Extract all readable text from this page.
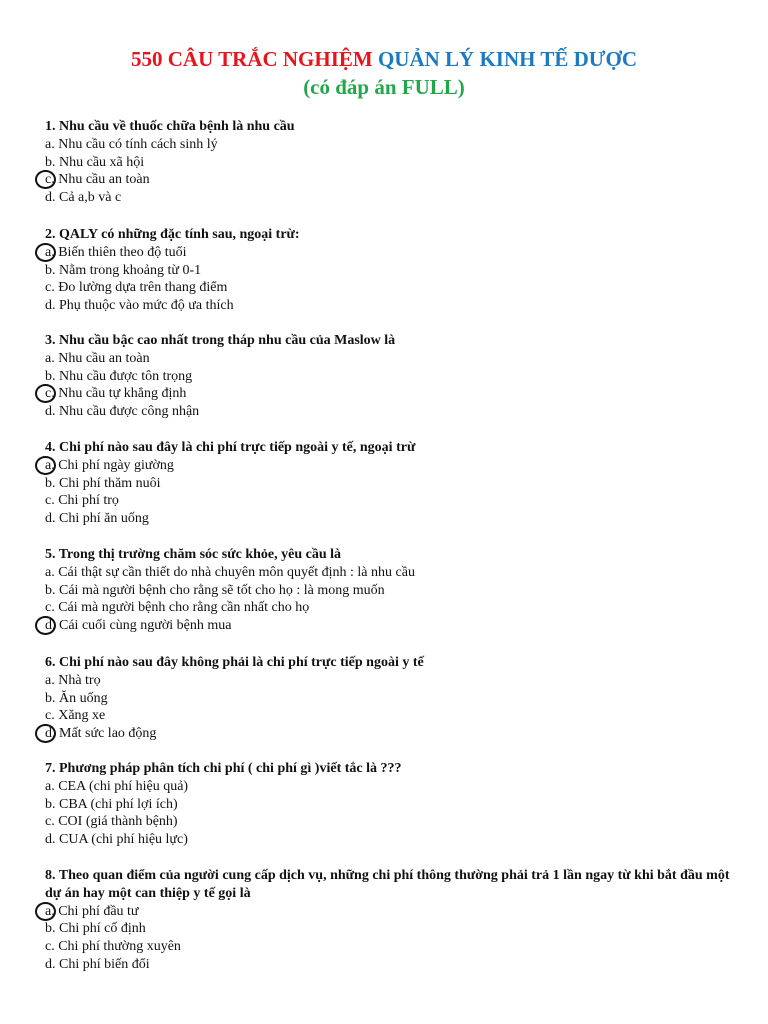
550 CÂU TRẮC NGHIỆM QUẢN LÝ KINH TẾ DƯỢC
(có đáp án FULL)
1. Nhu cầu về thuốc chữa bệnh là nhu cầu
a. Nhu cầu có tính cách sinh lý
b. Nhu cầu xã hội
c. Nhu cầu an toàn
d. Cả a,b và c
2. QALY có những đặc tính sau, ngoại trừ:
a. Biến thiên theo độ tuổi
b. Nằm trong khoảng từ 0-1
c. Đo lường dựa trên thang điểm
d. Phụ thuộc vào mức độ ưa thích
3. Nhu cầu bậc cao nhất trong tháp nhu cầu của Maslow là
a. Nhu cầu an toàn
b. Nhu cầu được tôn trọng
c. Nhu cầu tự khẳng định
d. Nhu cầu được công nhận
4. Chi phí nào sau đây là chi phí trực tiếp ngoài y tế, ngoại trừ
a. Chi phí ngày giường
b. Chi phí thăm nuôi
c. Chi phí trọ
d. Chi phí ăn uống
5. Trong thị trường chăm sóc sức khỏe, yêu cầu là
a. Cái thật sự cần thiết do nhà chuyên môn quyết định : là nhu cầu
b. Cái mà người bệnh cho rằng sẽ tốt cho họ : là mong muốn
c. Cái mà người bệnh cho rằng cần nhất cho họ
d. Cái cuối cùng người bệnh mua
6. Chi phí nào sau đây không phải là chi phí trực tiếp ngoài y tế
a. Nhà trọ
b. Ăn uống
c. Xăng xe
d. Mất sức lao động
7. Phương pháp phân tích chi phí ( chi phí gì )viết tắc là ???
a. CEA (chi phí hiệu quả)
b. CBA (chi phí lợi ích)
c. COI (giá thành bệnh)
d. CUA (chi phí hiệu lực)
8. Theo quan điểm của người cung cấp dịch vụ, những chi phí thông thường phải trả 1 lần ngay từ khi bắt đầu một dự án hay một can thiệp y tế gọi là
a. Chi phí đầu tư
b. Chi phí cố định
c. Chi phí thường xuyên
d. Chi phí biến đổi
